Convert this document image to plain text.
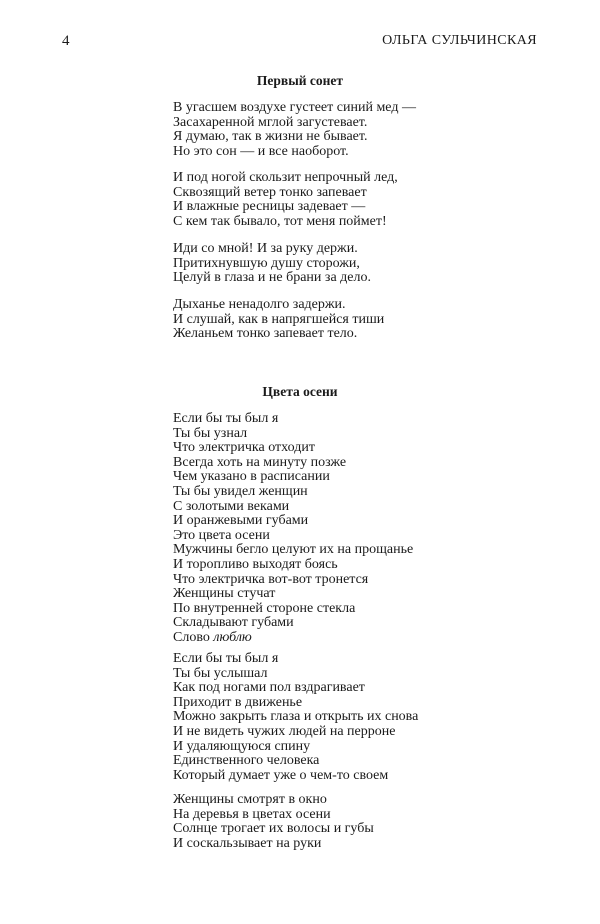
4	ОЛЬГА СУЛЬЧИНСКАЯ
Первый сонет
В угасшем воздухе густеет синий мед —
Засахаренной мглой загустевает.
Я думаю, так в жизни не бывает.
Но это сон — и все наоборот.
И под ногой скользит непрочный лед,
Сквозящий ветер тонко запевает
И влажные ресницы задевает —
С кем так бывало, тот меня поймет!
Иди со мной! И за руку держи.
Притихнувшую душу сторожи,
Целуй в глаза и не брани за дело.
Дыханье ненадолго задержи.
И слушай, как в напрягшейся тиши
Желаньем тонко запевает тело.
Цвета осени
Если бы ты был я
Ты бы узнал
Что электричка отходит
Всегда хоть на минуту позже
Чем указано в расписании
Ты бы увидел женщин
С золотыми веками
И оранжевыми губами
Это цвета осени
Мужчины бегло целуют их на прощанье
И торопливо выходят боясь
Что электричка вот-вот тронется
Женщины стучат
По внутренней стороне стекла
Складывают губами
Слово люблю
Если бы ты был я
Ты бы услышал
Как под ногами пол вздрагивает
Приходит в движенье
Можно закрыть глаза и открыть их снова
И не видеть чужих людей на перроне
И удаляющуюся спину
Единственного человека
Который думает уже о чем-то своем
Женщины смотрят в окно
На деревья в цветах осени
Солнце трогает их волосы и губы
И соскальзывает на руки
